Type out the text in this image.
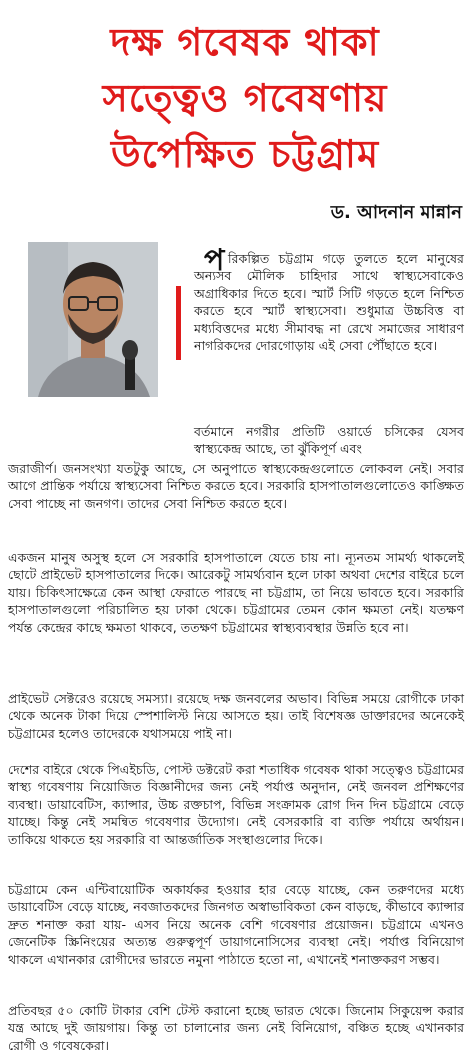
দক্ষ গবেষক থাকা
সত্ত্বেও গবেষণায়
উপেক্ষিত চট্টগ্রাম
ড. আদনান মান্নান
প রিকল্পিত চট্টগ্রাম গড়ে তুলতে হলে মানুষের অন্যসব মৌলিক চাহিদার সাথে স্বাস্থ্যসেবাকেও অগ্রাধিকার দিতে হবে। স্মার্ট সিটি গড়তে হলে নিশ্চিত করতে হবে স্মার্ট স্বাস্থ্যসেবা। শুধুমাত্র উচ্চবিত্ত বা মধ্যবিত্তদের মধ্যে সীমাবদ্ধ না রেখে সমাজের সাধারণ নাগরিকদের দোরগোড়ায় এই সেবা পৌঁছাতে হবে।

বর্তমানে নগরীর প্রতিটি ওয়ার্ডে চসিকের যেসব স্বাস্থ্যকেন্দ্র আছে, তা ঝুঁকিপূর্ণ এবং

জরাজীর্ণ। জনসংখ্যা যতটুকু আছে, সে অনুপাতে স্বাস্থ্যকেন্দ্রগুলোতে লোকবল নেই। সবার আগে প্রান্তিক পর্যায়ে স্বাস্থ্যসেবা নিশ্চিত করতে হবে। সরকারি হাসপাতালগুলোতেও কাঙ্ক্ষিত সেবা পাচ্ছে না জনগণ। তাদের সেবা নিশ্চিত করতে হবে।

একজন মানুষ অসুস্থ হলে সে সরকারি হাসপাতালে যেতে চায় না। ন্যূনতম সামর্থ্য থাকলেই ছোটে প্রাইভেট হাসপাতালের দিকে। আরেকটু সামর্থ্যবান হলে ঢাকা অথবা দেশের বাইরে চলে যায়। চিকিৎসাক্ষেত্রে কেন আস্থা ফেরাতে পারছে না চট্টগ্রাম, তা নিয়ে ভাবতে হবে। সরকারি হাসপাতালগুলো পরিচালিত হয় ঢাকা থেকে। চট্টগ্রামের তেমন কোন ক্ষমতা নেই। যতক্ষণ পর্যন্ত কেন্দ্রের কাছে ক্ষমতা থাকবে, ততক্ষণ চট্টগ্রামের স্বাস্থ্যব্যবস্থার উন্নতি হবে না।

প্রাইভেট সেক্টরেও রয়েছে সমস্যা। রয়েছে দক্ষ জনবলের অভাব। বিভিন্ন সময়ে রোগীকে ঢাকা থেকে অনেক টাকা দিয়ে স্পেশালিস্ট নিয়ে আসতে হয়। তাই বিশেষজ্ঞ ডাক্তারদের অনেকেই চট্টগ্রামের হলেও তাদেরকে যথাসময়ে পাই না।

দেশের বাইরে থেকে পিএইচডি, পোস্ট ডক্টরেট করা শতাধিক গবেষক থাকা সত্ত্বেও চট্টগ্রামের স্বাস্থ্য গবেষণায় নিয়োজিত বিজ্ঞানীদের জন্য নেই পর্যাপ্ত অনুদান, নেই জনবল প্রশিক্ষণের ব্যবস্থা। ডায়াবেটিস, ক্যান্সার, উচ্চ রক্তচাপ, বিভিন্ন সংক্রামক রোগ দিন দিন চট্টগ্রামে বেড়ে যাচ্ছে। কিন্তু নেই সমন্বিত গবেষণার উদ্যোগ। নেই বেসরকারি বা ব্যক্তি পর্যায়ে অর্থায়ন। তাকিয়ে থাকতে হয় সরকারি বা আন্তর্জাতিক সংস্থাগুলোর দিকে।

চট্টগ্রামে কেন এন্টিবায়োটিক অকার্যকর হওয়ার হার বেড়ে যাচ্ছে, কেন তরুণদের মধ্যে ডায়াবেটিস বেড়ে যাচ্ছে, নবজাতকদের জিনগত অস্বাভাবিকতা কেন বাড়ছে, কীভাবে ক্যান্সার দ্রুত শনাক্ত করা যায়- এসব নিয়ে অনেক বেশি গবেষণার প্রয়োজন। চট্টগ্রামে এখনও জেনেটিক স্ক্রিনিংয়ের অত্যন্ত গুরুত্বপূর্ণ ডায়াগনোসিসের ব্যবস্থা নেই। পর্যাপ্ত বিনিয়োগ থাকলে এখানকার রোগীদের ভারতে নমুনা পাঠাতে হতো না, এখানেই শনাক্তকরণ সম্ভব।

প্রতিবছর ৫০ কোটি টাকার বেশি টেস্ট করানো হচ্ছে ভারত থেকে। জিনোম সিকুয়েন্স করার যন্ত্র আছে দুই জায়গায়। কিন্তু তা চালানোর জন্য নেই বিনিয়োগ, বঞ্চিত হচ্ছে এখানকার রোগী ও গবেষকেরা।
